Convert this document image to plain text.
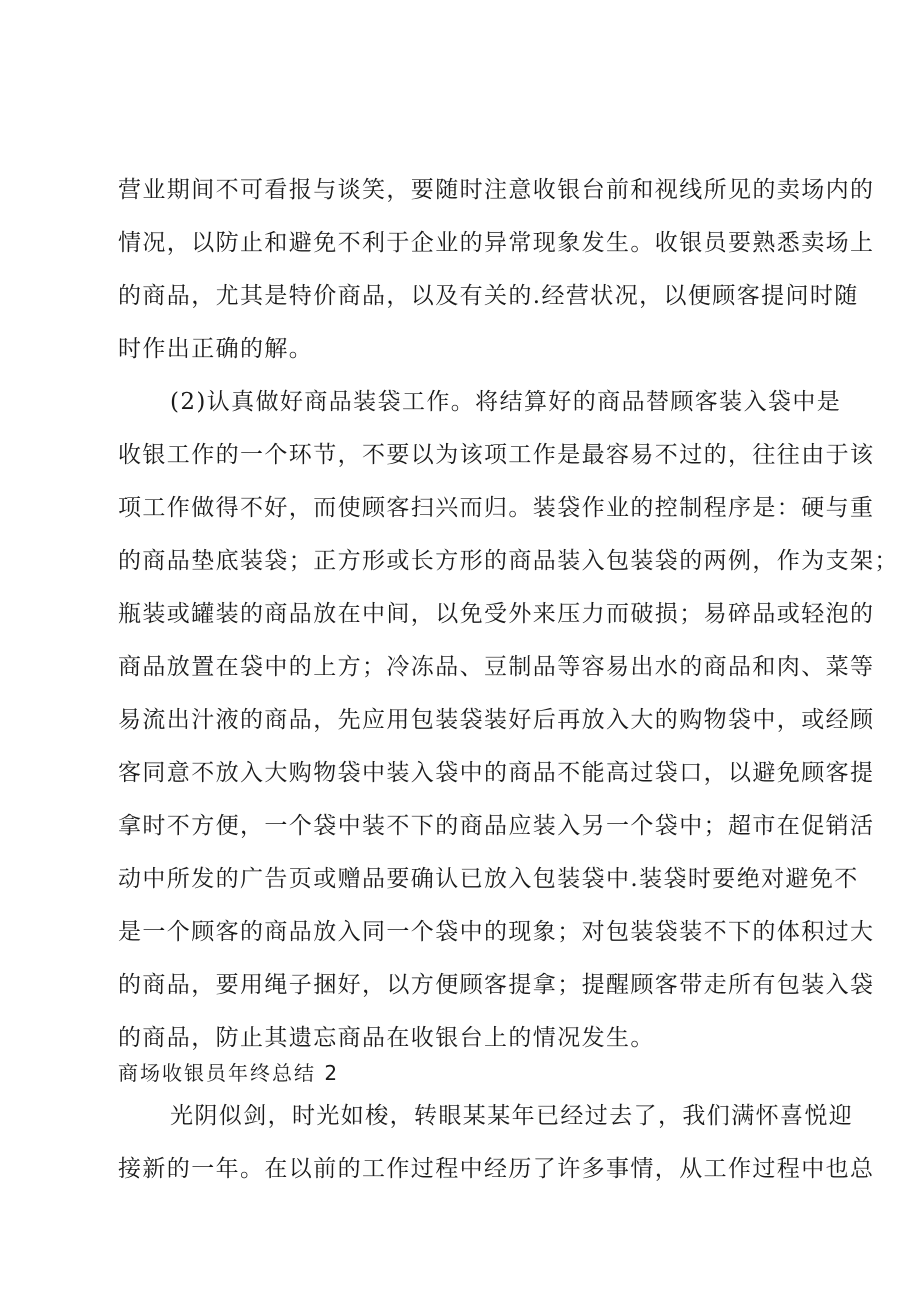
营业期间不可看报与谈笑，要随时注意收银台前和视线所见的卖场内的
情况，以防止和避免不利于企业的异常现象发生。收银员要熟悉卖场上
的商品，尤其是特价商品，以及有关的.经营状况，以便顾客提问时随
时作出正确的解。
(2)认真做好商品装袋工作。将结算好的商品替顾客装入袋中是
收银工作的一个环节，不要以为该项工作是最容易不过的，往往由于该
项工作做得不好，而使顾客扫兴而归。装袋作业的控制程序是：硬与重
的商品垫底装袋；正方形或长方形的商品装入包装袋的两例，作为支架；
瓶装或罐装的商品放在中间，以免受外来压力而破损；易碎品或轻泡的
商品放置在袋中的上方；冷冻品、豆制品等容易出水的商品和肉、菜等
易流出汁液的商品，先应用包装袋装好后再放入大的购物袋中，或经顾
客同意不放入大购物袋中装入袋中的商品不能高过袋口，以避免顾客提
拿时不方便，一个袋中装不下的商品应装入另一个袋中；超市在促销活
动中所发的广告页或赠品要确认已放入包装袋中.装袋时要绝对避免不
是一个顾客的商品放入同一个袋中的现象；对包装袋装不下的体积过大
的商品，要用绳子捆好，以方便顾客提拿；提醒顾客带走所有包装入袋
的商品，防止其遗忘商品在收银台上的情况发生。
商场收银员年终总结 2
光阴似剑，时光如梭，转眼某某年已经过去了，我们满怀喜悦迎
接新的一年。在以前的工作过程中经历了许多事情，从工作过程中也总
